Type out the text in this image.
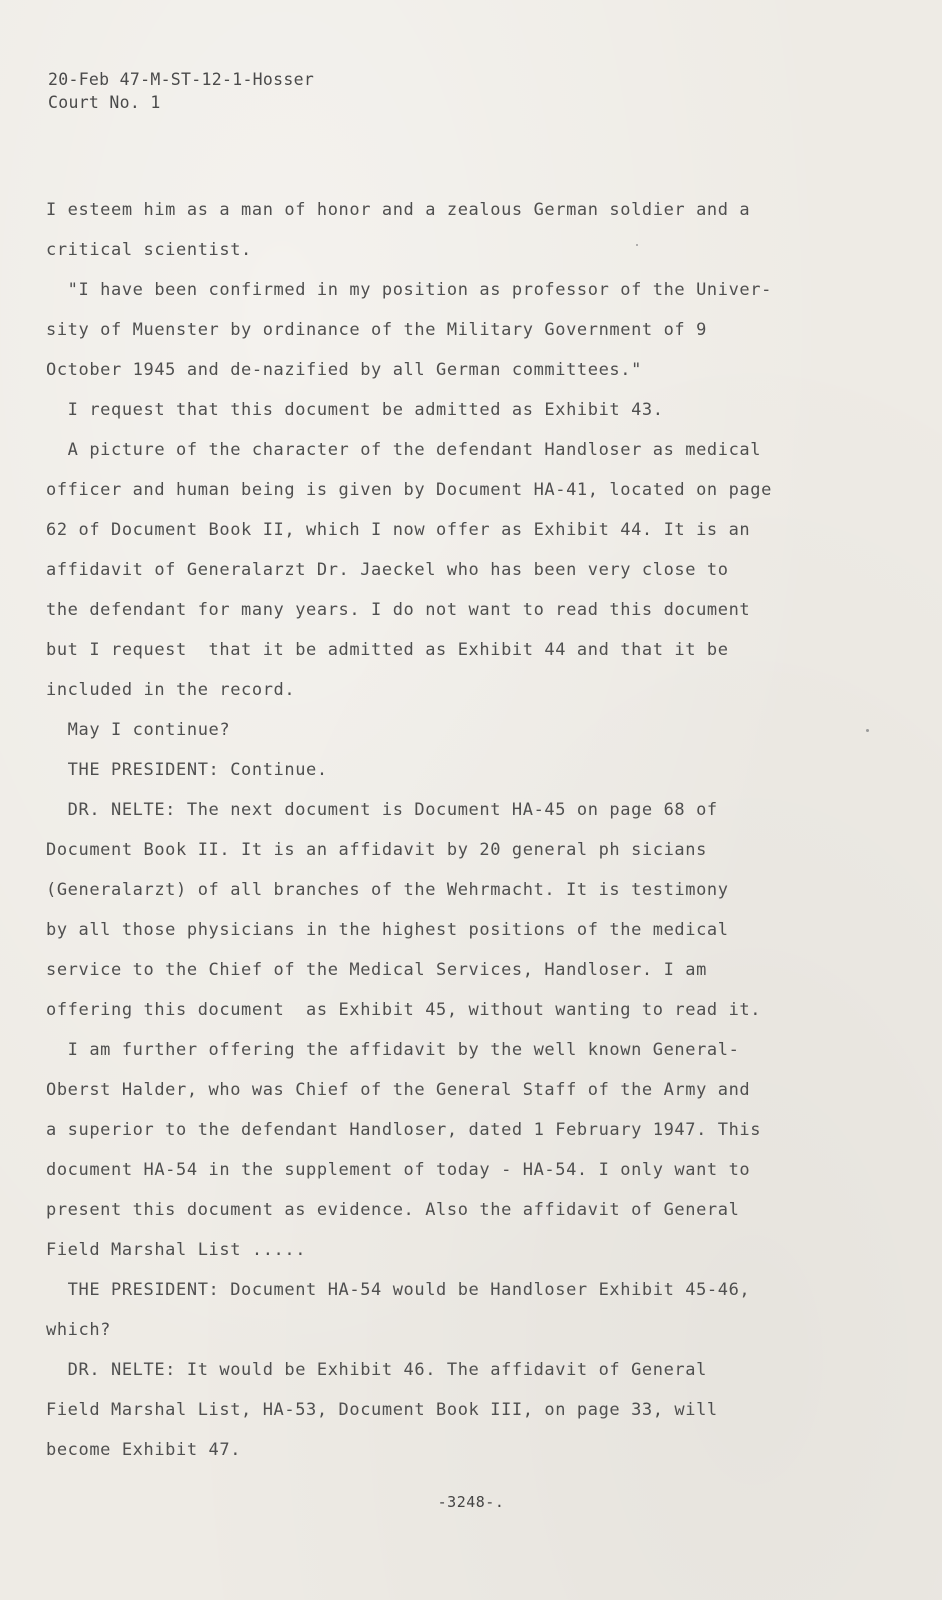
20-Feb 47-M-ST-12-1-Hosser
Court No. 1
I esteem him as a man of honor and a zealous German soldier and a
critical scientist.
"I have been confirmed in my position as professor of the Univer-
sity of Muenster by ordinance of the Military Government of 9
October 1945 and de-nazified by all German committees."
I request that this document be admitted as Exhibit 43.
A picture of the character of the defendant Handloser as medical
officer and human being is given by Document HA-41, located on page
62 of Document Book II, which I now offer as Exhibit 44. It is an
affidavit of Generalarzt Dr. Jaeckel who has been very close to
the defendant for many years. I do not want to read this document
but I request  that it be admitted as Exhibit 44 and that it be
included in the record.
May I continue?
THE PRESIDENT: Continue.
DR. NELTE: The next document is Document HA-45 on page 68 of
Document Book II. It is an affidavit by 20 general ph sicians
(Generalarzt) of all branches of the Wehrmacht. It is testimony
by all those physicians in the highest positions of the medical
service to the Chief of the Medical Services, Handloser. I am
offering this document  as Exhibit 45, without wanting to read it.
I am further offering the affidavit by the well known General-
Oberst Halder, who was Chief of the General Staff of the Army and
a superior to the defendant Handloser, dated 1 February 1947. This
document HA-54 in the supplement of today - HA-54. I only want to
present this document as evidence. Also the affidavit of General
Field Marshal List .....
THE PRESIDENT: Document HA-54 would be Handloser Exhibit 45-46,
which?
DR. NELTE: It would be Exhibit 46. The affidavit of General
Field Marshal List, HA-53, Document Book III, on page 33, will
become Exhibit 47.
-3248-.
